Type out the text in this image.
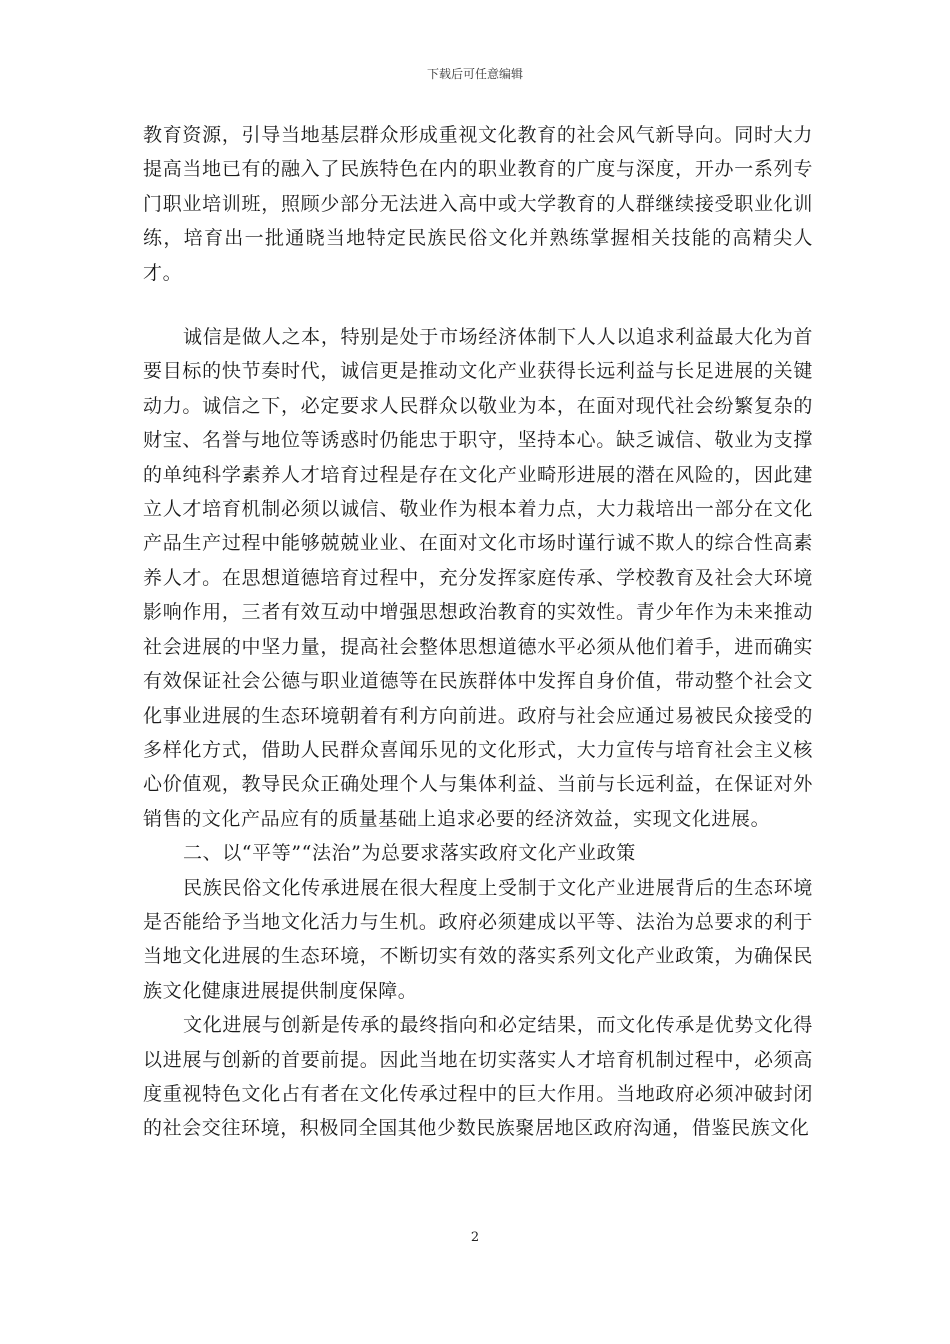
下载后可任意编辑

教育资源，引导当地基层群众形成重视文化教育的社会风气新导向。同时大力提高当地已有的融入了民族特色在内的职业教育的广度与深度，开办一系列专门职业培训班，照顾少部分无法进入高中或大学教育的人群继续接受职业化训练，培育出一批通晓当地特定民族民俗文化并熟练掌握相关技能的高精尖人才。

诚信是做人之本，特别是处于市场经济体制下人人以追求利益最大化为首要目标的快节奏时代，诚信更是推动文化产业获得长远利益与长足进展的关键动力。诚信之下，必定要求人民群众以敬业为本，在面对现代社会纷繁复杂的财宝、名誉与地位等诱惑时仍能忠于职守，坚持本心。缺乏诚信、敬业为支撑的单纯科学素养人才培育过程是存在文化产业畸形进展的潜在风险的，因此建立人才培育机制必须以诚信、敬业作为根本着力点，大力栽培出一部分在文化产品生产过程中能够兢兢业业、在面对文化市场时谨行诚不欺人的综合性高素养人才。在思想道德培育过程中，充分发挥家庭传承、学校教育及社会大环境影响作用，三者有效互动中增强思想政治教育的实效性。青少年作为未来推动社会进展的中坚力量，提高社会整体思想道德水平必须从他们着手，进而确实有效保证社会公德与职业道德等在民族群体中发挥自身价值，带动整个社会文化事业进展的生态环境朝着有利方向前进。政府与社会应通过易被民众接受的多样化方式，借助人民群众喜闻乐见的文化形式，大力宣传与培育社会主义核心价值观，教导民众正确处理个人与集体利益、当前与长远利益，在保证对外销售的文化产品应有的质量基础上追求必要的经济效益，实现文化进展。

二、以“平等”“法治”为总要求落实政府文化产业政策

民族民俗文化传承进展在很大程度上受制于文化产业进展背后的生态环境是否能给予当地文化活力与生机。政府必须建成以平等、法治为总要求的利于当地文化进展的生态环境，不断切实有效的落实系列文化产业政策，为确保民族文化健康进展提供制度保障。

文化进展与创新是传承的最终指向和必定结果，而文化传承是优势文化得以进展与创新的首要前提。因此当地在切实落实人才培育机制过程中，必须高度重视特色文化占有者在文化传承过程中的巨大作用。当地政府必须冲破封闭的社会交往环境，积极同全国其他少数民族聚居地区政府沟通，借鉴民族文化

2
